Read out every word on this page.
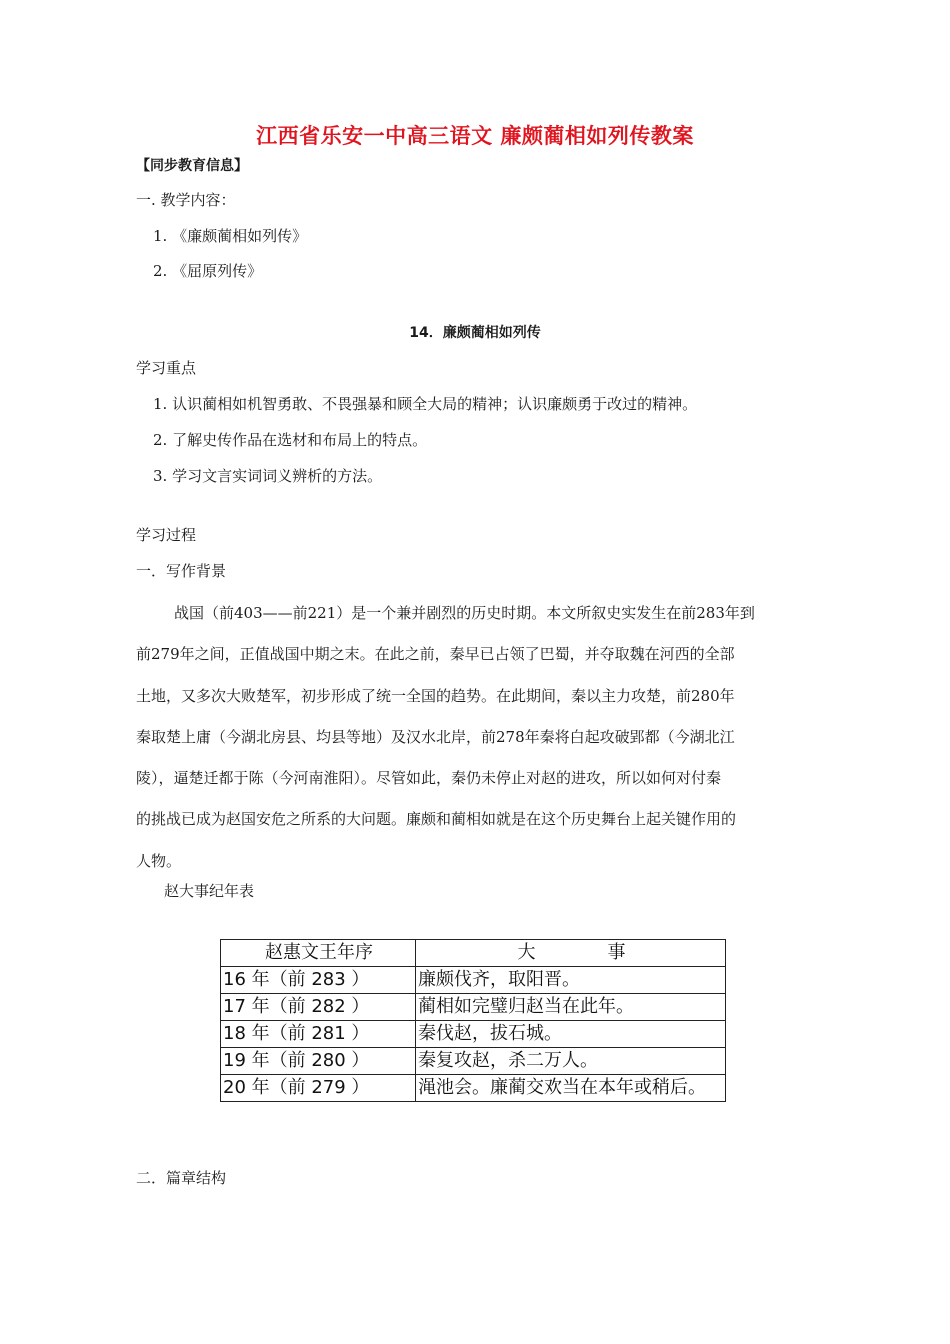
江西省乐安一中高三语文 廉颇蔺相如列传教案
【同步教育信息】
一. 教学内容：
1. 《廉颇蔺相如列传》
2. 《屈原列传》
14．廉颇蔺相如列传
学习重点
1. 认识蔺相如机智勇敢、不畏强暴和顾全大局的精神；认识廉颇勇于改过的精神。
2. 了解史传作品在选材和布局上的特点。
3. 学习文言实词词义辨析的方法。
学习过程
一．写作背景
战国（前403——前221）是一个兼并剧烈的历史时期。本文所叙史实发生在前283年到
前279年之间，正值战国中期之末。在此之前，秦早已占领了巴蜀，并夺取魏在河西的全部
土地，又多次大败楚军，初步形成了统一全国的趋势。在此期间，秦以主力攻楚，前280年
秦取楚上庸（今湖北房县、均县等地）及汉水北岸，前278年秦将白起攻破郢都（今湖北江
陵），逼楚迁都于陈（今河南淮阳）。尽管如此，秦仍未停止对赵的进攻，所以如何对付秦
的挑战已成为赵国安危之所系的大问题。廉颇和蔺相如就是在这个历史舞台上起关键作用的
人物。
赵大事纪年表
赵惠文王年序	大　　　　事
16 年（前 283 ）	廉颇伐齐，取阳晋。
17 年（前 282 ）	蔺相如完璧归赵当在此年。
18 年（前 281 ）	秦伐赵，拔石城。
19 年（前 280 ）	秦复攻赵，杀二万人。
20 年（前 279 ）	渑池会。廉蔺交欢当在本年或稍后。
二．篇章结构
